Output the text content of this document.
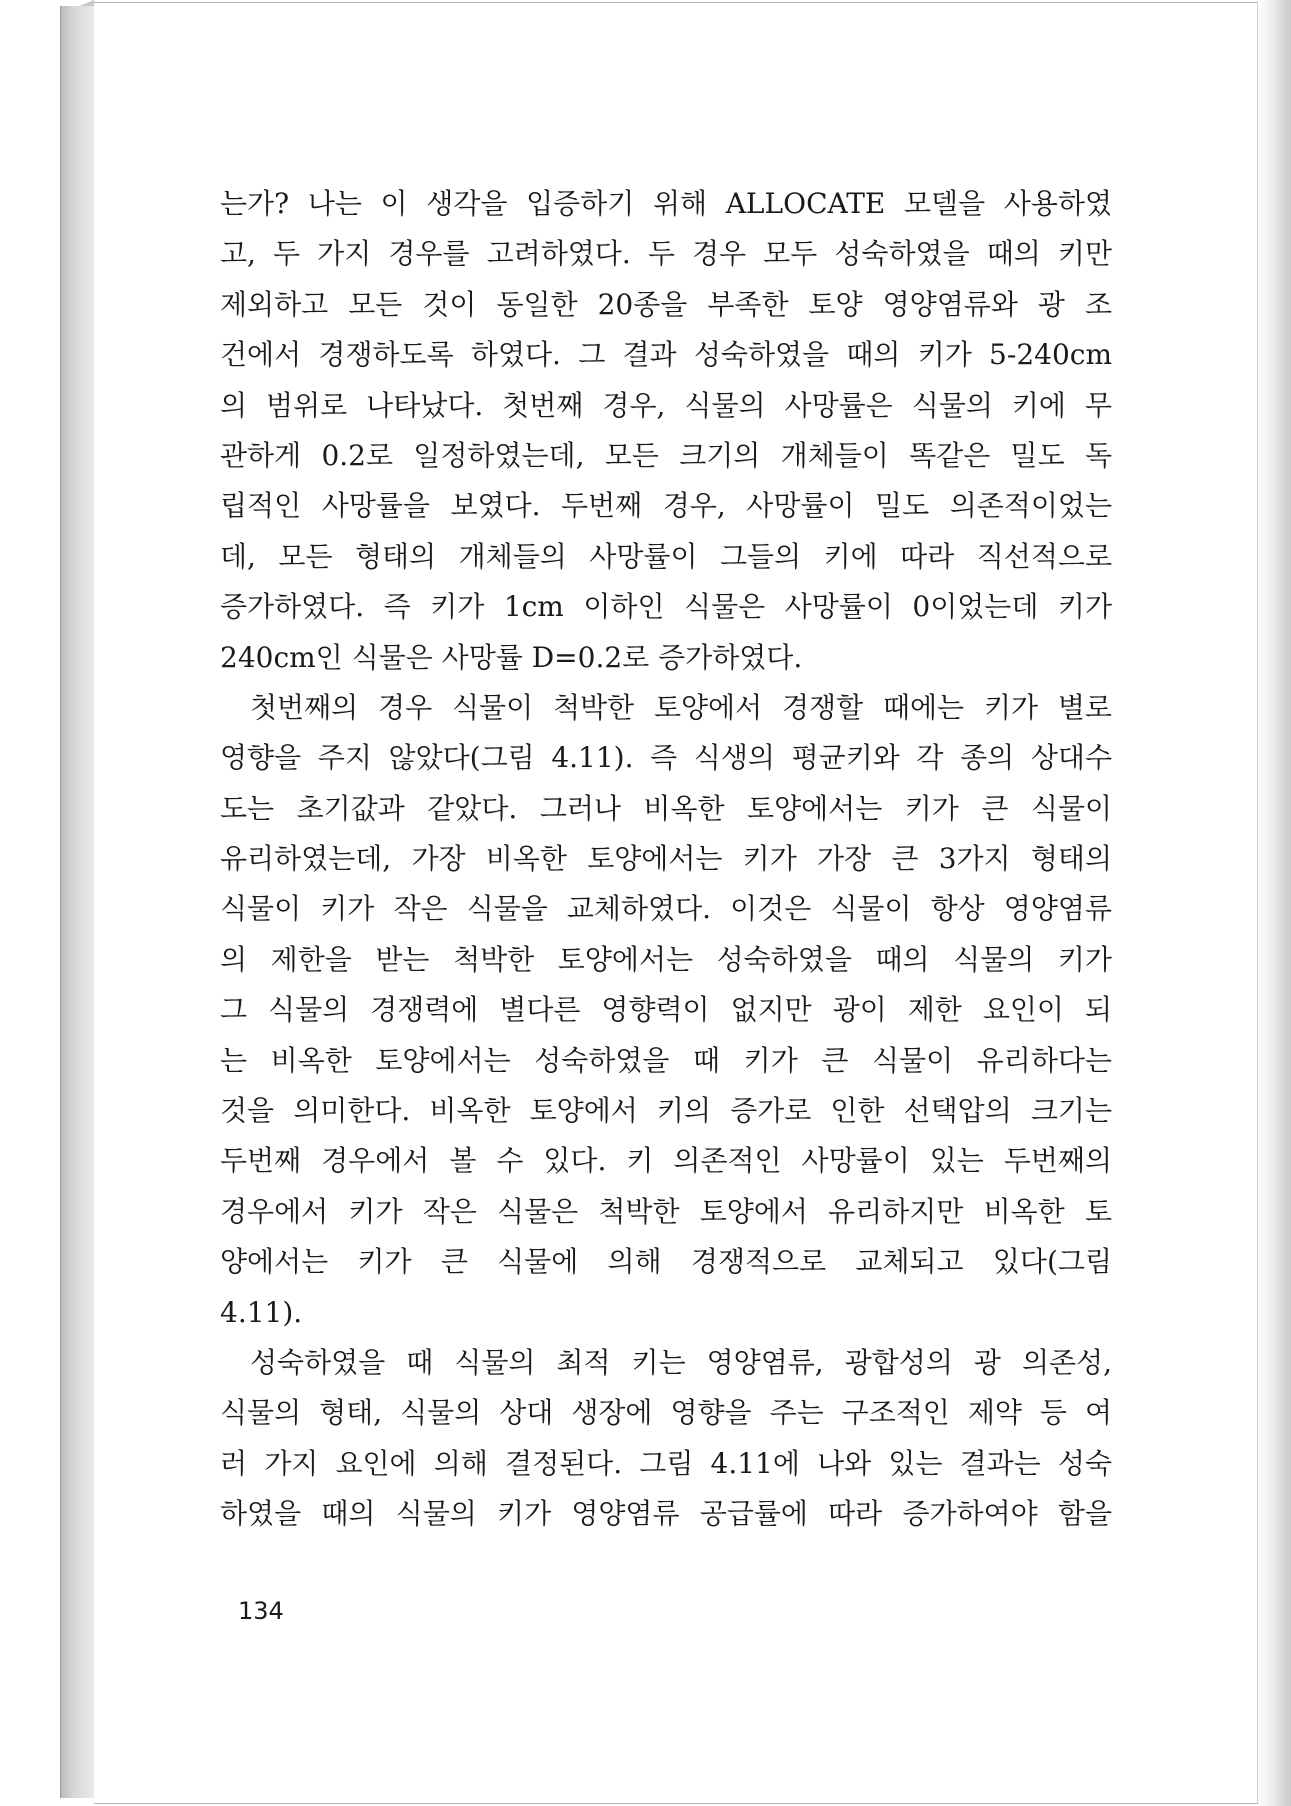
는가? 나는 이 생각을 입증하기 위해 ALLOCATE 모델을 사용하였
고, 두 가지 경우를 고려하였다. 두 경우 모두 성숙하였을 때의 키만
제외하고 모든 것이 동일한 20종을 부족한 토양 영양염류와 광 조
건에서 경쟁하도록 하였다. 그 결과 성숙하였을 때의 키가 5-240cm
의 범위로 나타났다. 첫번째 경우, 식물의 사망률은 식물의 키에 무
관하게 0.2로 일정하였는데, 모든 크기의 개체들이 똑같은 밀도 독
립적인 사망률을 보였다. 두번째 경우, 사망률이 밀도 의존적이었는
데, 모든 형태의 개체들의 사망률이 그들의 키에 따라 직선적으로
증가하였다. 즉 키가 1cm 이하인 식물은 사망률이 0이었는데 키가
240cm인 식물은 사망률 D=0.2로 증가하였다.
첫번째의 경우 식물이 척박한 토양에서 경쟁할 때에는 키가 별로
영향을 주지 않았다(그림 4.11). 즉 식생의 평균키와 각 종의 상대수
도는 초기값과 같았다. 그러나 비옥한 토양에서는 키가 큰 식물이
유리하였는데, 가장 비옥한 토양에서는 키가 가장 큰 3가지 형태의
식물이 키가 작은 식물을 교체하였다. 이것은 식물이 항상 영양염류
의 제한을 받는 척박한 토양에서는 성숙하였을 때의 식물의 키가
그 식물의 경쟁력에 별다른 영향력이 없지만 광이 제한 요인이 되
는 비옥한 토양에서는 성숙하였을 때 키가 큰 식물이 유리하다는
것을 의미한다. 비옥한 토양에서 키의 증가로 인한 선택압의 크기는
두번째 경우에서 볼 수 있다. 키 의존적인 사망률이 있는 두번째의
경우에서 키가 작은 식물은 척박한 토양에서 유리하지만 비옥한 토
양에서는 키가 큰 식물에 의해 경쟁적으로 교체되고 있다(그림
4.11).
성숙하였을 때 식물의 최적 키는 영양염류, 광합성의 광 의존성,
식물의 형태, 식물의 상대 생장에 영향을 주는 구조적인 제약 등 여
러 가지 요인에 의해 결정된다. 그림 4.11에 나와 있는 결과는 성숙
하였을 때의 식물의 키가 영양염류 공급률에 따라 증가하여야 함을
134
